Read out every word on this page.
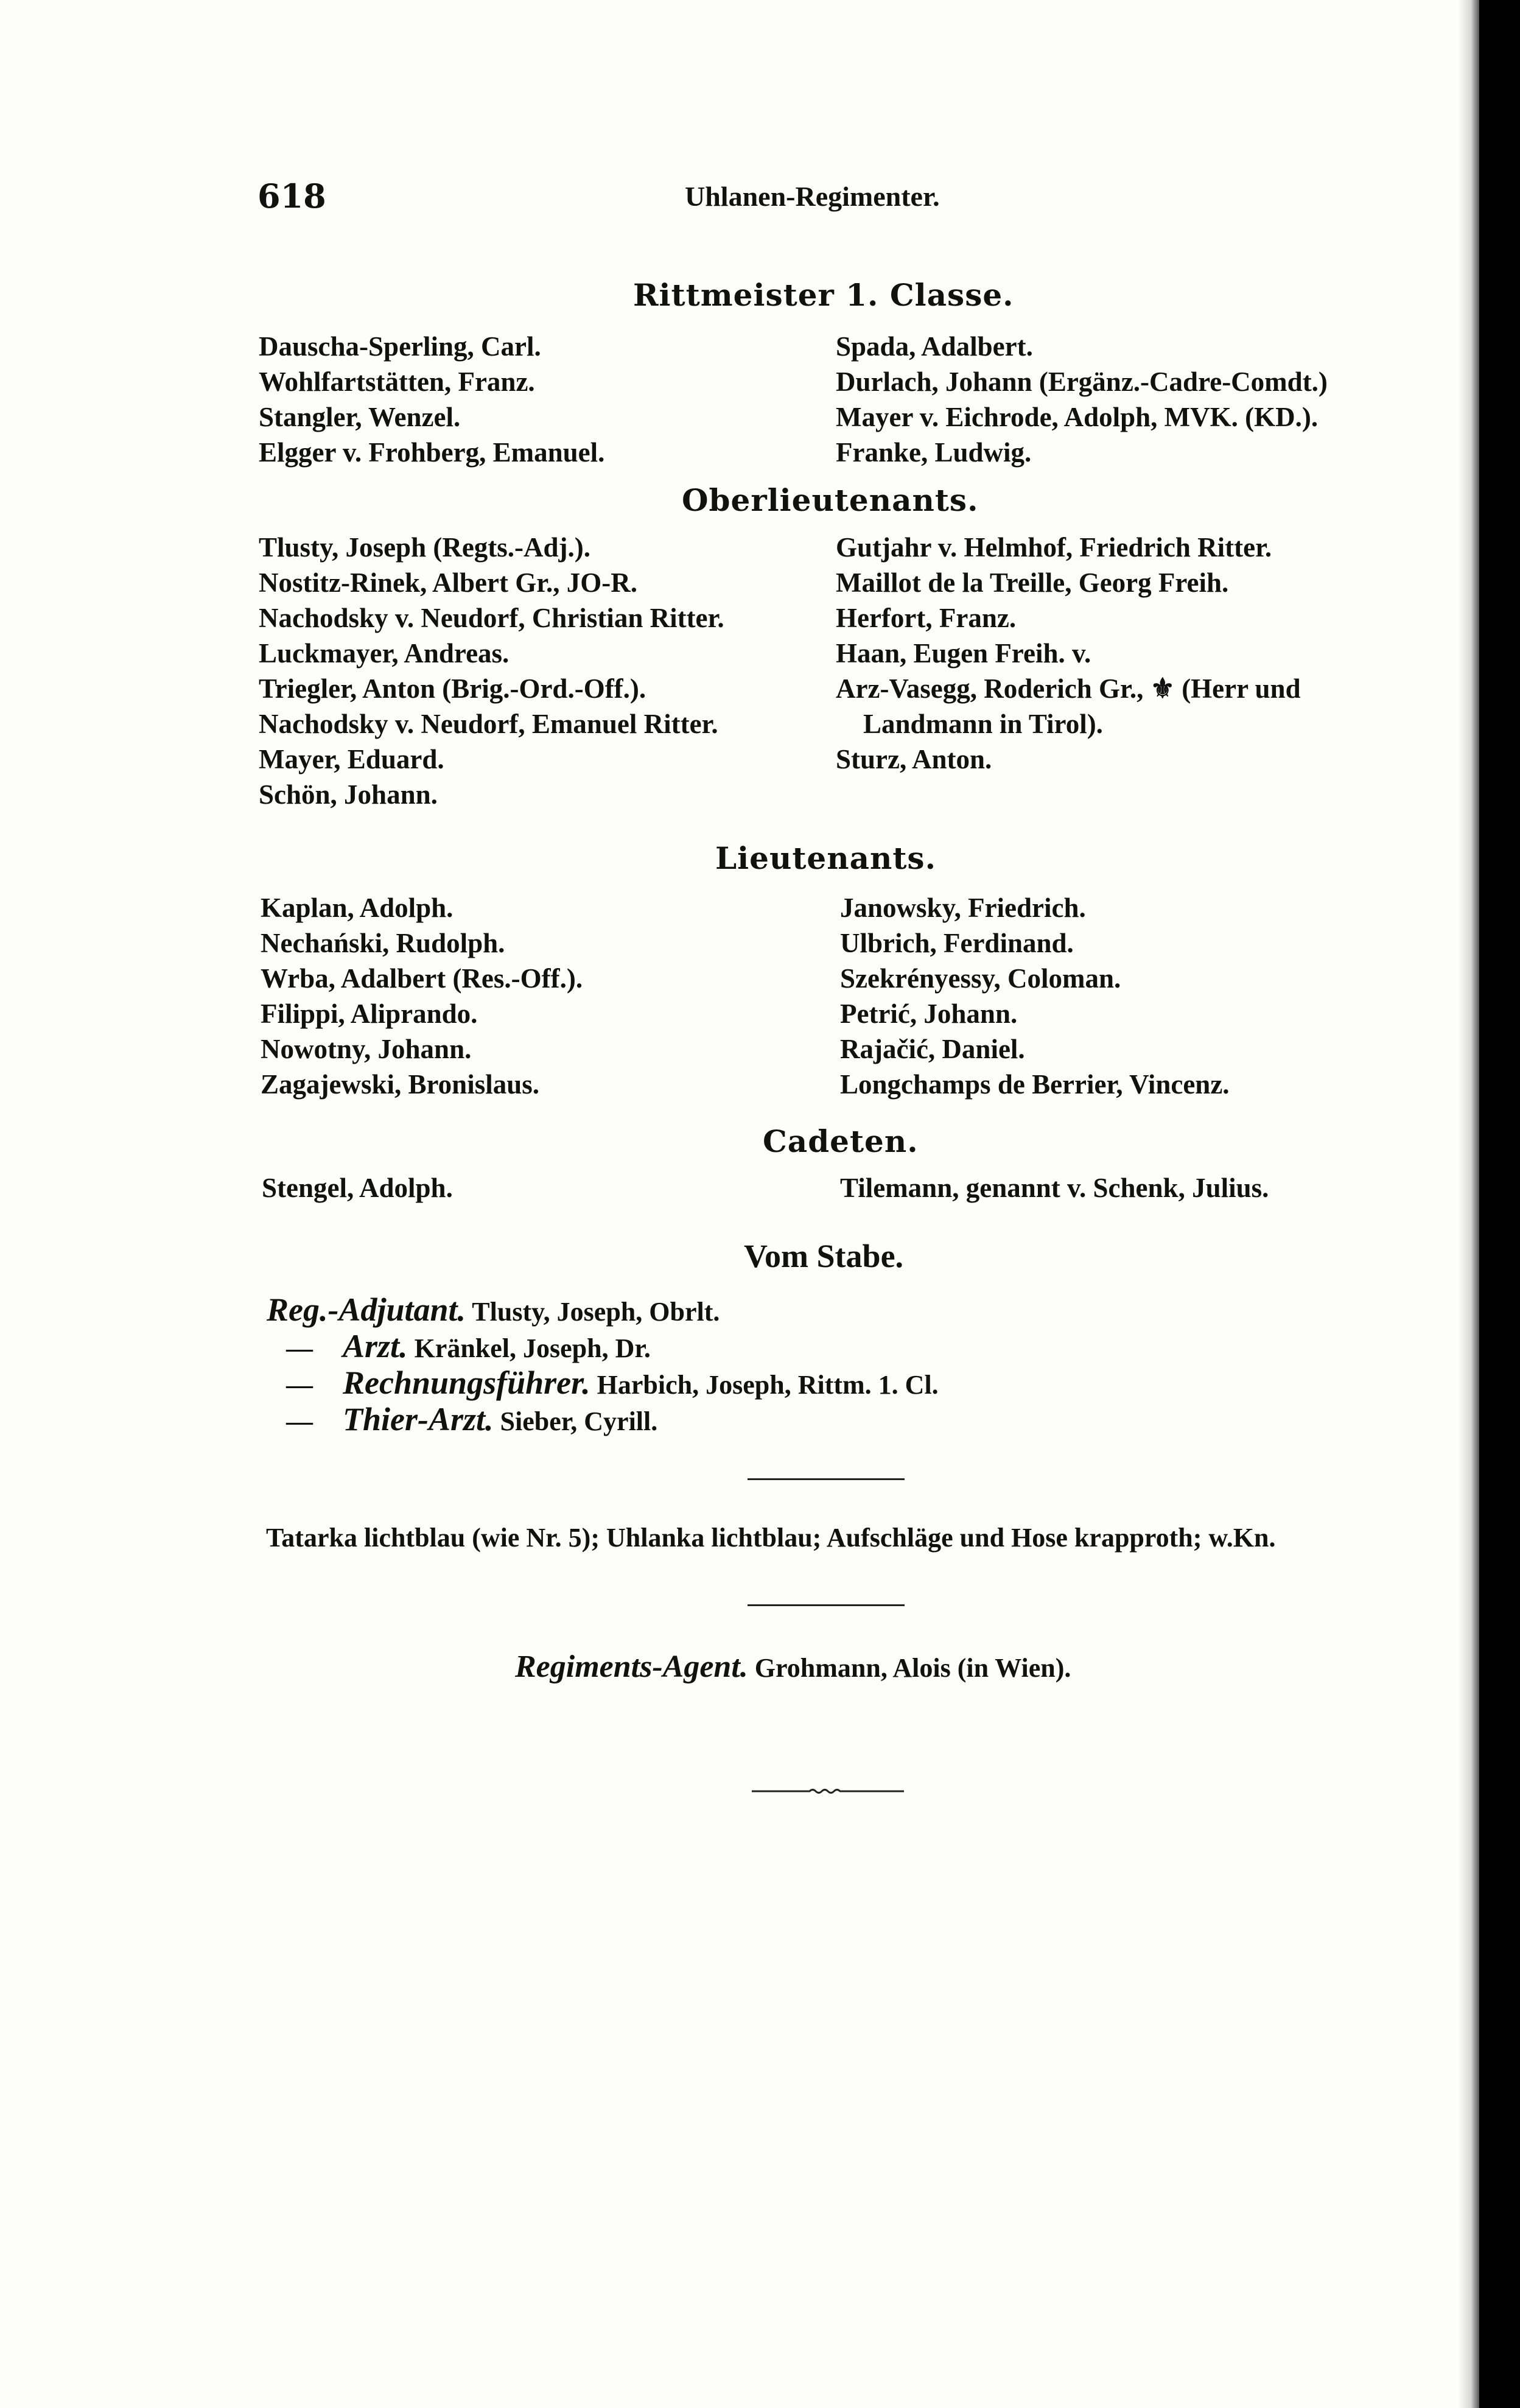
618	Uhlanen-Regimenter.
Rittmeister 1. Classe.
Dauscha-Sperling, Carl.
Wohlfartstätten, Franz.
Stangler, Wenzel.
Elgger v. Frohberg, Emanuel.
Spada, Adalbert.
Durlach, Johann (Ergänz.-Cadre-Comdt.)
Mayer v. Eichrode, Adolph, MVK. (KD.).
Franke, Ludwig.
Oberlieutenants.
Tlusty, Joseph (Regts.-Adj.).
Nostitz-Rinek, Albert Gr., JO-R.
Nachodsky v. Neudorf, Christian Ritter.
Luckmayer, Andreas.
Triegler, Anton (Brig.-Ord.-Off.).
Nachodsky v. Neudorf, Emanuel Ritter.
Mayer, Eduard.
Schön, Johann.
Gutjahr v. Helmhof, Friedrich Ritter.
Maillot de la Treille, Georg Freih.
Herfort, Franz.
Haan, Eugen Freih. v.
Arz-Vasegg, Roderich Gr., ⚜ (Herr und
Landmann in Tirol).
Sturz, Anton.
Lieutenants.
Kaplan, Adolph.
Nechański, Rudolph.
Wrba, Adalbert (Res.-Off.).
Filippi, Aliprando.
Nowotny, Johann.
Zagajewski, Bronislaus.
Janowsky, Friedrich.
Ulbrich, Ferdinand.
Szekrényessy, Coloman.
Petrić, Johann.
Rajačić, Daniel.
Longchamps de Berrier, Vincenz.
Cadeten.
Stengel, Adolph.	Tilemann, genannt v. Schenk, Julius.
Vom Stabe.
Reg.-Adjutant. Tlusty, Joseph, Obrlt.
— Arzt. Kränkel, Joseph, Dr.
— Rechnungsführer. Harbich, Joseph, Rittm. 1. Cl.
— Thier-Arzt. Sieber, Cyrill.
Tatarka lichtblau (wie Nr. 5); Uhlanka lichtblau; Aufschläge und Hose krapproth; w.Kn.
Regiments-Agent. Grohmann, Alois (in Wien).
